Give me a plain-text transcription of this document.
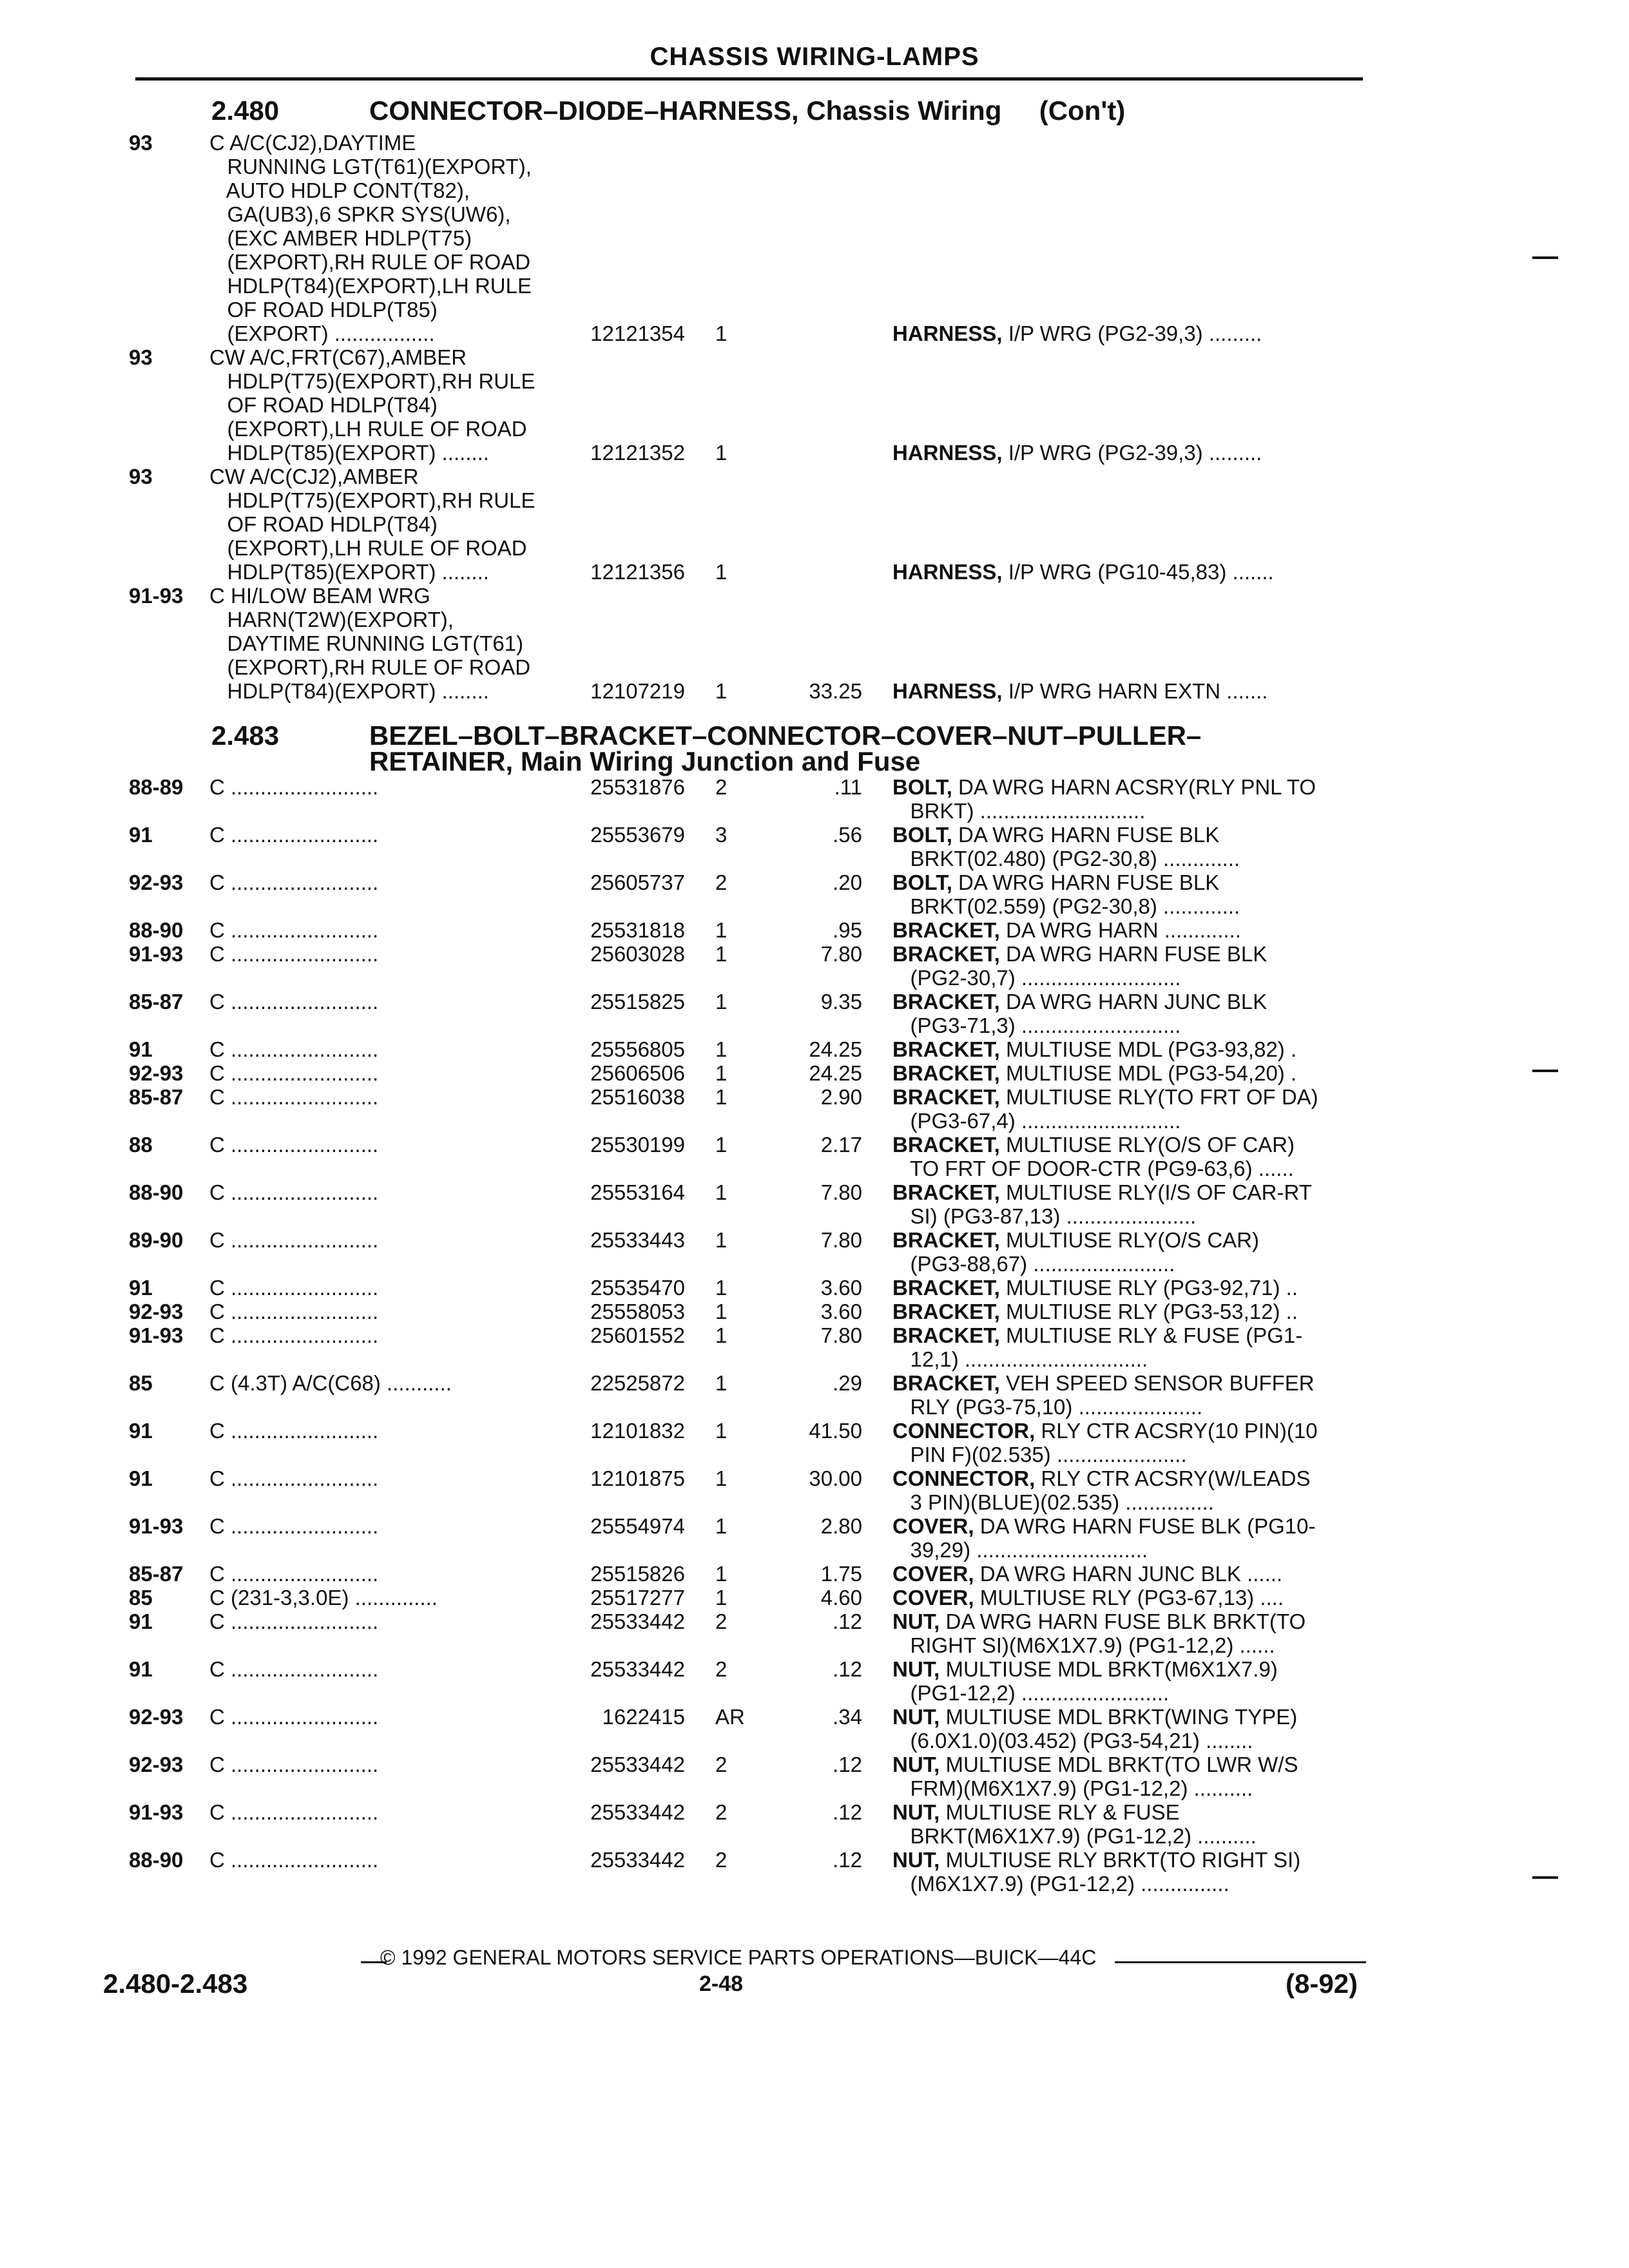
CHASSIS WIRING-LAMPS
2.480	CONNECTOR–DIODE–HARNESS, Chassis Wiring     (Con't)
2.483	BEZEL–BOLT–BRACKET–CONNECTOR–COVER–NUT–PULLER–
RETAINER, Main Wiring Junction and Fuse
93	C A/C(CJ2),DAYTIME
RUNNING LGT(T61)(EXPORT),
AUTO HDLP CONT(T82),
GA(UB3),6 SPKR SYS(UW6),
(EXC AMBER HDLP(T75)
(EXPORT),RH RULE OF ROAD
HDLP(T84)(EXPORT),LH RULE
OF ROAD HDLP(T85)
(EXPORT) .................	12121354 1	HARNESS, I/P WRG (PG2-39,3) .........
93	CW A/C,FRT(C67),AMBER
HDLP(T75)(EXPORT),RH RULE
OF ROAD HDLP(T84)
(EXPORT),LH RULE OF ROAD
HDLP(T85)(EXPORT) ........	12121352 1	HARNESS, I/P WRG (PG2-39,3) .........
93	CW A/C(CJ2),AMBER
HDLP(T75)(EXPORT),RH RULE
OF ROAD HDLP(T84)
(EXPORT),LH RULE OF ROAD
HDLP(T85)(EXPORT) ........	12121356 1	HARNESS, I/P WRG (PG10-45,83) .......
91-93 C HI/LOW BEAM WRG
HARN(T2W)(EXPORT),
DAYTIME RUNNING LGT(T61)
(EXPORT),RH RULE OF ROAD
HDLP(T84)(EXPORT) ........	12107219 1	33.25 HARNESS, I/P WRG HARN EXTN .......
88-89 C .........................	25531876 2	.11 BOLT, DA WRG HARN ACSRY(RLY PNL TO
BRKT) ............................
91	C .........................	25553679 3	.56 BOLT, DA WRG HARN FUSE BLK
BRKT(02.480) (PG2-30,8) .............
92-93 C .........................	25605737 2	.20 BOLT, DA WRG HARN FUSE BLK
BRKT(02.559) (PG2-30,8) .............
88-90 C .........................	25531818 1	.95 BRACKET, DA WRG HARN .............
91-93 C .........................	25603028 1	7.80 BRACKET, DA WRG HARN FUSE BLK
(PG2-30,7) ...........................
85-87 C .........................	25515825 1	9.35 BRACKET, DA WRG HARN JUNC BLK
(PG3-71,3) ...........................
91	C .........................	25556805 1	24.25 BRACKET, MULTIUSE MDL (PG3-93,82) .
92-93 C .........................	25606506 1	24.25 BRACKET, MULTIUSE MDL (PG3-54,20) .
85-87 C .........................	25516038 1	2.90 BRACKET, MULTIUSE RLY(TO FRT OF DA)
(PG3-67,4) ...........................
88	C .........................	25530199 1	2.17 BRACKET, MULTIUSE RLY(O/S OF CAR)
TO FRT OF DOOR-CTR (PG9-63,6) ......
88-90 C .........................	25553164 1	7.80 BRACKET, MULTIUSE RLY(I/S OF CAR-RT
SI) (PG3-87,13) ......................
89-90 C .........................	25533443 1	7.80 BRACKET, MULTIUSE RLY(O/S CAR)
(PG3-88,67) ........................
91	C .........................	25535470 1	3.60 BRACKET, MULTIUSE RLY (PG3-92,71) ..
92-93 C .........................	25558053 1	3.60 BRACKET, MULTIUSE RLY (PG3-53,12) ..
91-93 C .........................	25601552 1	7.80 BRACKET, MULTIUSE RLY & FUSE (PG1-
12,1) ...............................
85	C (4.3T) A/C(C68) ...........	22525872 1	.29 BRACKET, VEH SPEED SENSOR BUFFER
RLY (PG3-75,10) .....................
91	C .........................	12101832 1	41.50 CONNECTOR, RLY CTR ACSRY(10 PIN)(10
PIN F)(02.535) ......................
91	C .........................	12101875 1	30.00 CONNECTOR, RLY CTR ACSRY(W/LEADS
3 PIN)(BLUE)(02.535) ...............
91-93 C .........................	25554974 1	2.80 COVER, DA WRG HARN FUSE BLK (PG10-
39,29) .............................
85-87 C .........................	25515826 1	1.75 COVER, DA WRG HARN JUNC BLK ......
85	C (231-3,3.0E) ..............	25517277 1	4.60 COVER, MULTIUSE RLY (PG3-67,13) ....
91	C .........................	25533442 2	.12 NUT, DA WRG HARN FUSE BLK BRKT(TO
RIGHT SI)(M6X1X7.9) (PG1-12,2) ......
91	C .........................	25533442 2	.12 NUT, MULTIUSE MDL BRKT(M6X1X7.9)
(PG1-12,2) .........................
92-93 C .........................	1622415 AR	.34 NUT, MULTIUSE MDL BRKT(WING TYPE)
(6.0X1.0)(03.452) (PG3-54,21) ........
92-93 C .........................	25533442 2	.12 NUT, MULTIUSE MDL BRKT(TO LWR W/S
FRM)(M6X1X7.9) (PG1-12,2) ..........
91-93 C .........................	25533442 2	.12 NUT, MULTIUSE RLY & FUSE
BRKT(M6X1X7.9) (PG1-12,2) ..........
88-90 C .........................	25533442 2	.12 NUT, MULTIUSE RLY BRKT(TO RIGHT SI)
(M6X1X7.9) (PG1-12,2) ...............
© 1992 GENERAL MOTORS SERVICE PARTS OPERATIONS—BUICK—44C
2.480-2.483	2-48	(8-92)
